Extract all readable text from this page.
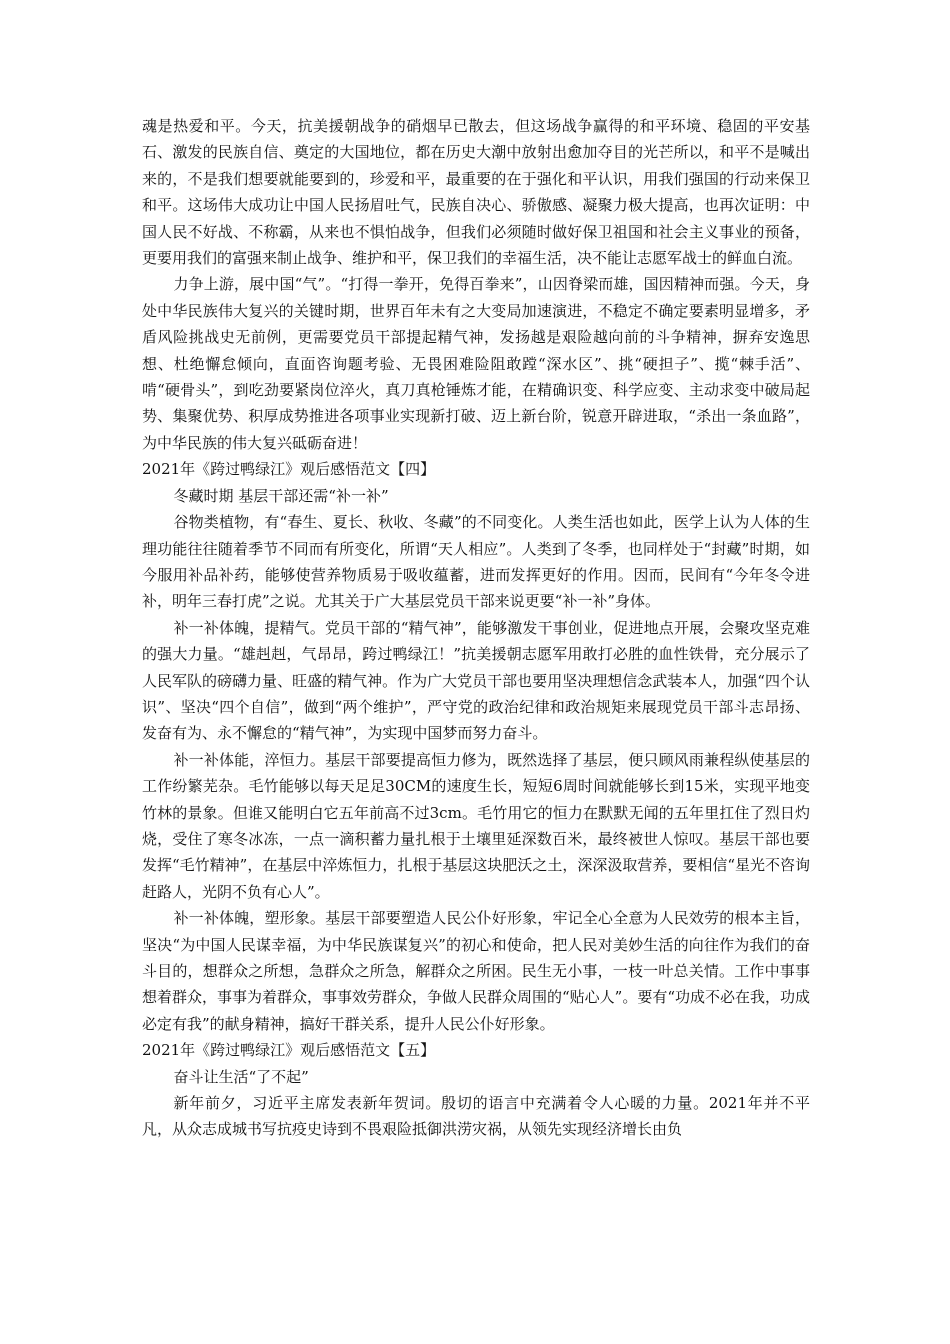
魂是热爱和平。今天，抗美援朝战争的硝烟早已散去，但这场战争赢得的和平环境、稳固的平安基石、激发的民族自信、奠定的大国地位，都在历史大潮中放射出愈加夺目的光芒所以，和平不是喊出来的，不是我们想要就能要到的，珍爱和平，最重要的在于强化和平认识，用我们强国的行动来保卫和平。这场伟大成功让中国人民扬眉吐气，民族自决心、骄傲感、凝聚力极大提高，也再次证明：中国人民不好战、不称霸，从来也不惧怕战争，但我们必须随时做好保卫祖国和社会主义事业的预备，更要用我们的富强来制止战争、维护和平，保卫我们的幸福生活，决不能让志愿军战士的鲜血白流。

力争上游，展中国“气”。“打得一拳开，免得百拳来”，山因脊梁而雄，国因精神而强。今天，身处中华民族伟大复兴的关键时期，世界百年未有之大变局加速演进，不稳定不确定要素明显增多，矛盾风险挑战史无前例，更需要党员干部提起精气神，发扬越是艰险越向前的斗争精神，摒弃安逸思想、杜绝懈怠倾向，直面咨询题考验、无畏困难险阻敢蹚“深水区”、挑“硬担子”、揽“棘手活”、啃“硬骨头”，到吃劲要紧岗位淬火，真刀真枪锤炼才能，在精确识变、科学应变、主动求变中破局起势、集聚优势、积厚成势推进各项事业实现新打破、迈上新台阶，锐意开辟进取，“杀出一条血路”，为中华民族的伟大复兴砥砺奋进！

2021年《跨过鸭绿江》观后感悟范文【四】

冬藏时期 基层干部还需“补一补”

谷物类植物，有“春生、夏长、秋收、冬藏”的不同变化。人类生活也如此，医学上认为人体的生理功能往往随着季节不同而有所变化，所谓“天人相应”。人类到了冬季，也同样处于“封藏”时期，如今服用补品补药，能够使营养物质易于吸收蕴蓄，进而发挥更好的作用。因而，民间有“今年冬令进补，明年三春打虎”之说。尤其关于广大基层党员干部来说更要“补一补”身体。

补一补体魄，提精气。党员干部的“精气神”，能够激发干事创业，促进地点开展，会聚攻坚克难的强大力量。“雄赳赳，气昂昂，跨过鸭绿江！”抗美援朝志愿军用敢打必胜的血性铁骨，充分展示了人民军队的磅礴力量、旺盛的精气神。作为广大党员干部也要用坚决理想信念武装本人，加强“四个认识”、坚决“四个自信”，做到“两个维护”，严守党的政治纪律和政治规矩来展现党员干部斗志昂扬、发奋有为、永不懈怠的“精气神”，为实现中国梦而努力奋斗。

补一补体能，淬恒力。基层干部要提高恒力修为，既然选择了基层，便只顾风雨兼程纵使基层的工作纷繁芜杂。毛竹能够以每天足足30CM的速度生长，短短6周时间就能够长到15米，实现平地变竹林的景象。但谁又能明白它五年前高不过3cm。毛竹用它的恒力在默默无闻的五年里扛住了烈日灼烧，受住了寒冬冰冻，一点一滴积蓄力量扎根于土壤里延深数百米，最终被世人惊叹。基层干部也要发挥“毛竹精神”，在基层中淬炼恒力，扎根于基层这块肥沃之土，深深汲取营养，要相信“星光不咨询赶路人，光阴不负有心人”。

补一补体魄，塑形象。基层干部要塑造人民公仆好形象，牢记全心全意为人民效劳的根本主旨，坚决“为中国人民谋幸福，为中华民族谋复兴”的初心和使命，把人民对美妙生活的向往作为我们的奋斗目的，想群众之所想，急群众之所急，解群众之所困。民生无小事，一枝一叶总关情。工作中事事想着群众，事事为着群众，事事效劳群众，争做人民群众周围的“贴心人”。要有“功成不必在我，功成必定有我”的献身精神，搞好干群关系，提升人民公仆好形象。

2021年《跨过鸭绿江》观后感悟范文【五】

奋斗让生活“了不起”

新年前夕，习近平主席发表新年贺词。殷切的语言中充满着令人心暖的力量。2021年并不平凡，从众志成城书写抗疫史诗到不畏艰险抵御洪涝灾祸，从领先实现经济增长由负
